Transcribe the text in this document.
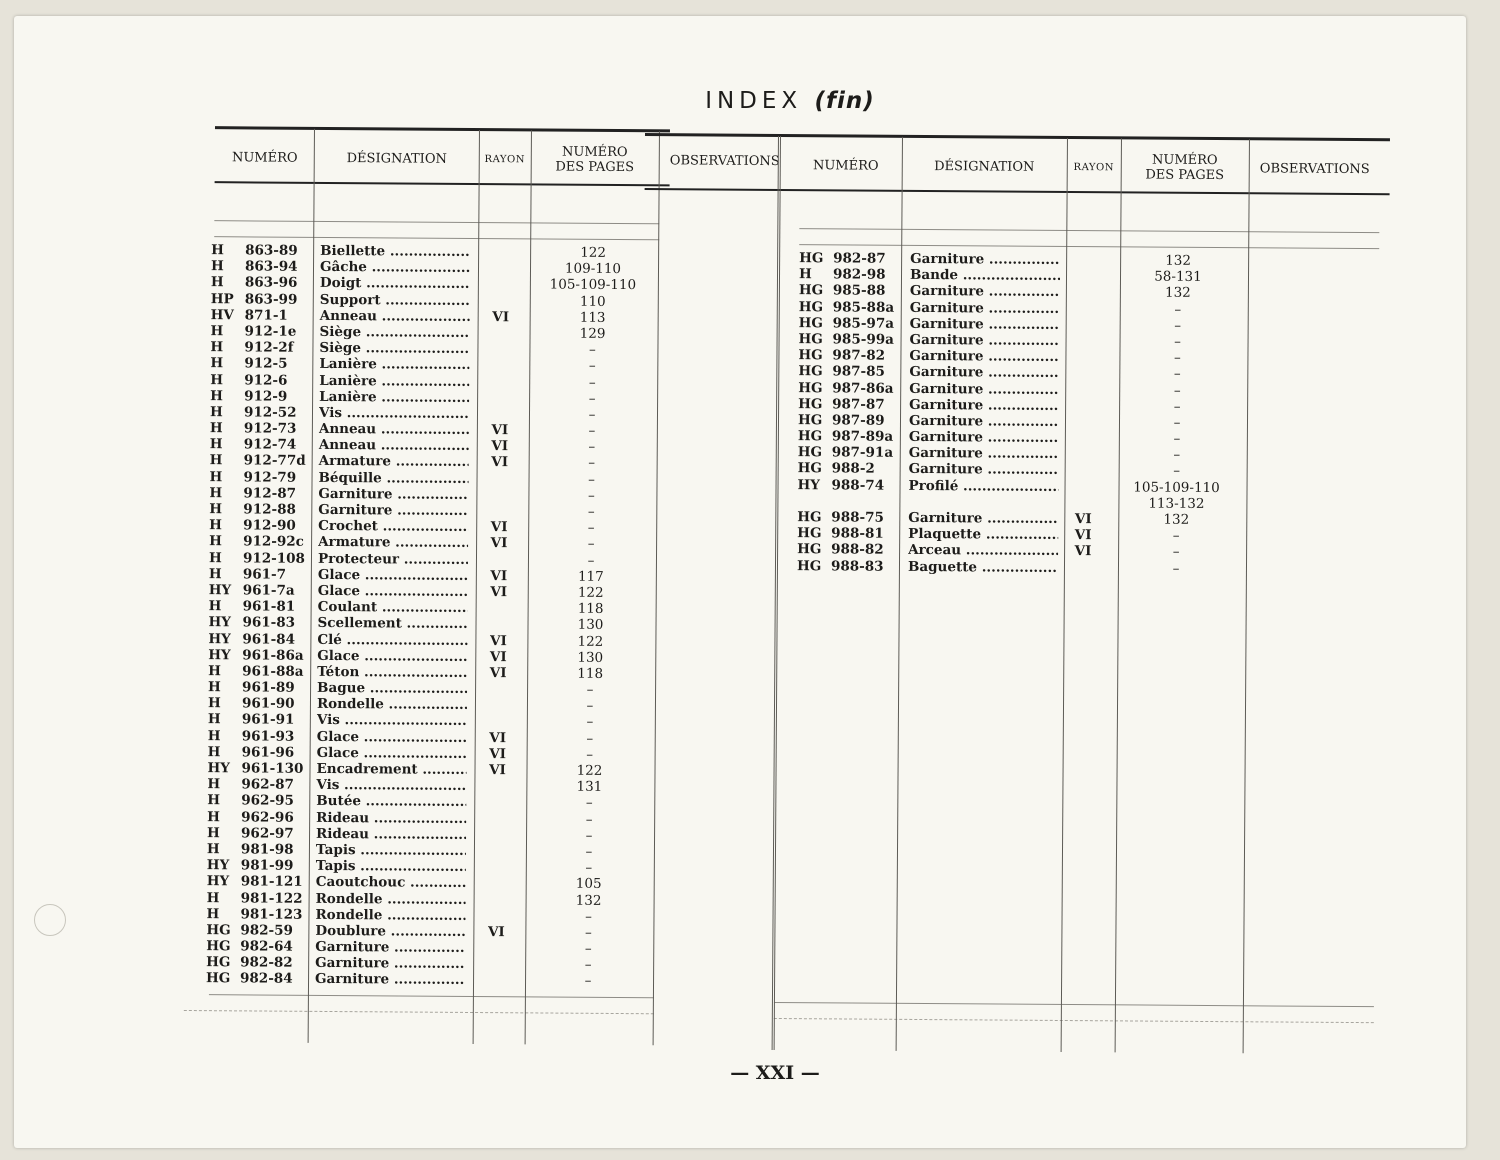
INDEX (fin)
NUMÉRO	DÉSIGNATION	RAYON	NUMÉRO
DES PAGES	OBSERVATIONS
H 863-89 Biellette .....	122
H 863-94 Gâche .....	109-110
H 863-96 Doigt .....	105-109-110
HP 863-99 Support .....	110
HV 871-1 Anneau .....	VI	113
H 912-1e Siège .....	129
H 912-2f Siège .....	–
H 912-5 Lanière .....	–
H 912-6 Lanière .....	–
H 912-9 Lanière .....	–
H 912-52 Vis .....	–
H 912-73 Anneau .....	VI	–
H 912-74 Anneau .....	VI	–
H 912-77d Armature .....	VI	–
H 912-79 Béquille .....	–
H 912-87 Garniture .....	–
H 912-88 Garniture .....	–
H 912-90 Crochet .....	VI	–
H 912-92c Armature .....	VI	–
H 912-108 Protecteur .....	–
H 961-7 Glace .....	VI	117
HY 961-7a Glace .....	VI	122
H 961-81 Coulant .....	118
HY 961-83 Scellement .....	130
HY 961-84 Clé .....	VI	122
HY 961-86a Glace .....	VI	130
H 961-88a Téton .....	VI	118
H 961-89 Bague .....	–
H 961-90 Rondelle .....	–
H 961-91 Vis .....	–
H 961-93 Glace .....	VI	–
H 961-96 Glace .....	VI	–
HY 961-130 Encadrement .....	VI	122
H 962-87 Vis .....	131
H 962-95 Butée .....	–
H 962-96 Rideau .....	–
H 962-97 Rideau .....	–
H 981-98 Tapis .....	–
HY 981-99 Tapis .....	–
HY 981-121 Caoutchouc .....	105
H 981-122 Rondelle .....	132
H 981-123 Rondelle .....	–
HG 982-59 Doublure .....	VI	–
HG 982-64 Garniture .....	–
HG 982-82 Garniture .....	–
HG 982-84 Garniture .....	–
NUMÉRO	DÉSIGNATION	RAYON	NUMÉRO
DES PAGES	OBSERVATIONS
HG 982-87 Garniture .....	132
H 982-98 Bande .....	58-131
HG 985-88 Garniture .....	132
HG 985-88a Garniture .....	–
HG 985-97a Garniture .....	–
HG 985-99a Garniture .....	–
HG 987-82 Garniture .....	–
HG 987-85 Garniture .....	–
HG 987-86a Garniture .....	–
HG 987-87 Garniture .....	–
HG 987-89 Garniture .....	–
HG 987-89a Garniture .....	–
HG 987-91a Garniture .....	–
HG 988-2 Garniture .....	–
HY 988-74 Profilé .....	105-109-110
113-132
HG 988-75 Garniture .....	VI	132
HG 988-81 Plaquette .....	VI	–
HG 988-82 Arceau .....	VI	–
HG 988-83 Baguette .....	–
— XXI —
